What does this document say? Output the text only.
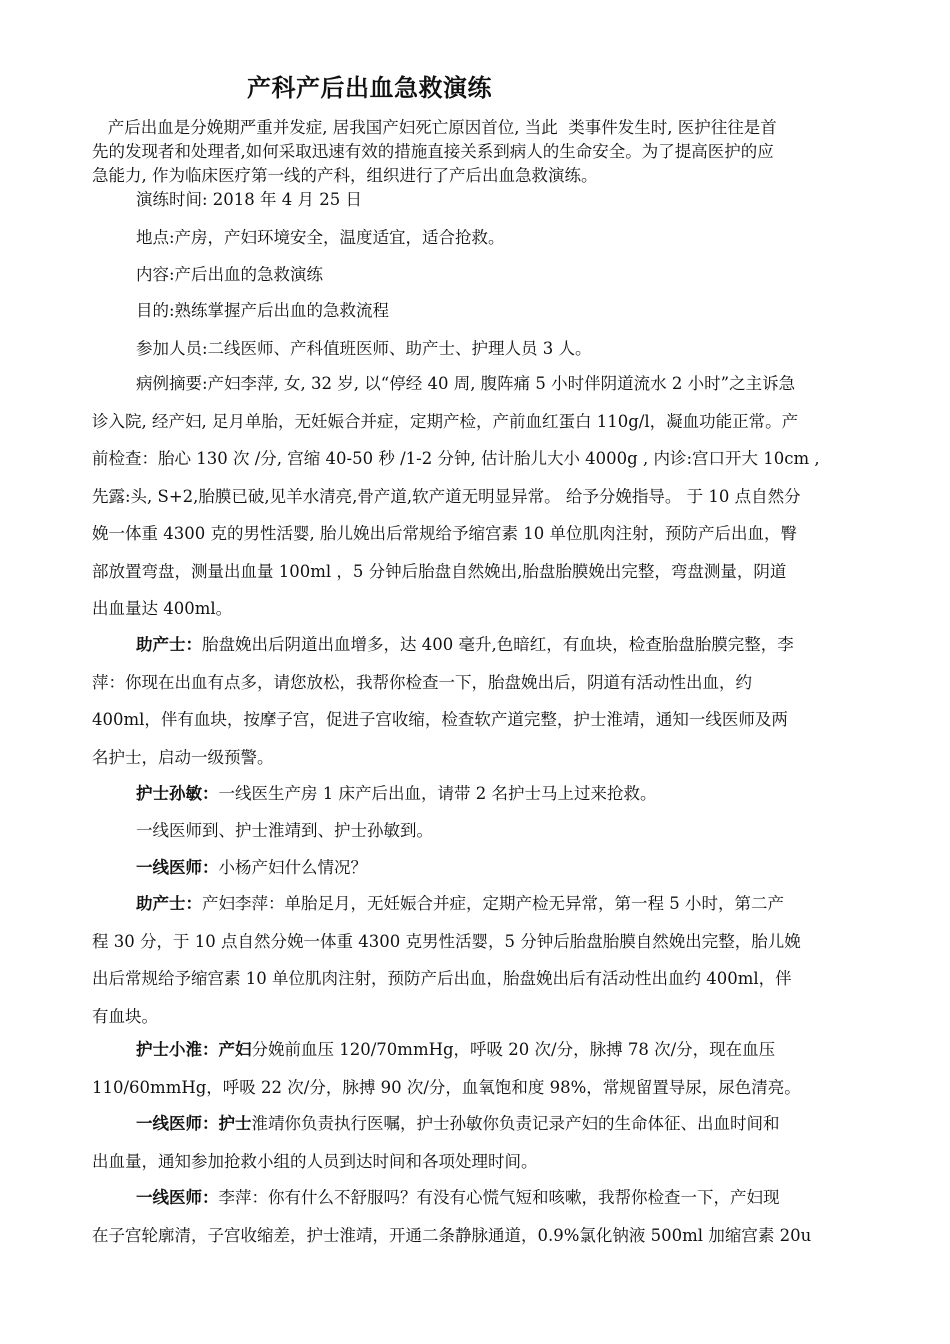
产科产后出血急救演练
产后出血是分娩期严重并发症, 居我国产妇死亡原因首位, 当此  类事件发生时, 医护往往是首
先的发现者和处理者,如何采取迅速有效的措施直接关系到病人的生命安全。为了提高医护的应
急能力, 作为临床医疗第一线的产科，组织进行了产后出血急救演练。
演练时间: 2018 年 4 月 25 日
地点:产房，产妇环境安全，温度适宜，适合抢救。
内容:产后出血的急救演练
目的:熟练掌握产后出血的急救流程
参加人员:二线医师、产科值班医师、助产士、护理人员 3 人。
病例摘要:产妇李萍, 女, 32 岁, 以“停经 40 周, 腹阵痛 5 小时伴阴道流水 2 小时”之主诉急
诊入院, 经产妇, 足月单胎，无妊娠合并症，定期产检，产前血红蛋白 110g/l，凝血功能正常。产
前检查：胎心 130 次 /分, 宫缩 40-50 秒 /1-2 分钟, 估计胎儿大小 4000g , 内诊:宫口开大 10cm ,
先露:头, S+2,胎膜已破,见羊水清亮,骨产道,软产道无明显异常。 给予分娩指导。 于 10 点自然分
娩一体重 4300 克的男性活婴, 胎儿娩出后常规给予缩宫素 10 单位肌肉注射，预防产后出血，臀
部放置弯盘，测量出血量 100ml ，5 分钟后胎盘自然娩出,胎盘胎膜娩出完整，弯盘测量，阴道
出血量达 400ml。
助产士：胎盘娩出后阴道出血增多，达 400 毫升,色暗红，有血块，检查胎盘胎膜完整，李
萍：你现在出血有点多，请您放松，我帮你检查一下，胎盘娩出后，阴道有活动性出血，约
400ml，伴有血块，按摩子宫，促进子宫收缩，检查软产道完整，护士淮靖，通知一线医师及两
名护士，启动一级预警。
护士孙敏：一线医生产房 1 床产后出血，请带 2 名护士马上过来抢救。
一线医师到、护士淮靖到、护士孙敏到。
一线医师：小杨产妇什么情况？
助产士：产妇李萍：单胎足月，无妊娠合并症，定期产检无异常，第一程 5 小时，第二产
程 30 分，于 10 点自然分娩一体重 4300 克男性活婴，5 分钟后胎盘胎膜自然娩出完整，胎儿娩
出后常规给予缩宫素 10 单位肌肉注射，预防产后出血，胎盘娩出后有活动性出血约 400ml，伴
有血块。
护士小淮：产妇分娩前血压 120/70mmHg，呼吸 20 次/分，脉搏 78 次/分，现在血压
110/60mmHg，呼吸 22 次/分，脉搏 90 次/分，血氧饱和度 98%，常规留置导尿，尿色清亮。
一线医师：护士淮靖你负责执行医嘱，护士孙敏你负责记录产妇的生命体征、出血时间和
出血量，通知参加抢救小组的人员到达时间和各项处理时间。
一线医师：李萍：你有什么不舒服吗？有没有心慌气短和咳嗽，我帮你检查一下，产妇现
在子宫轮廓清，子宫收缩差，护士淮靖，开通二条静脉通道，0.9%氯化钠液 500ml 加缩宫素 20u
